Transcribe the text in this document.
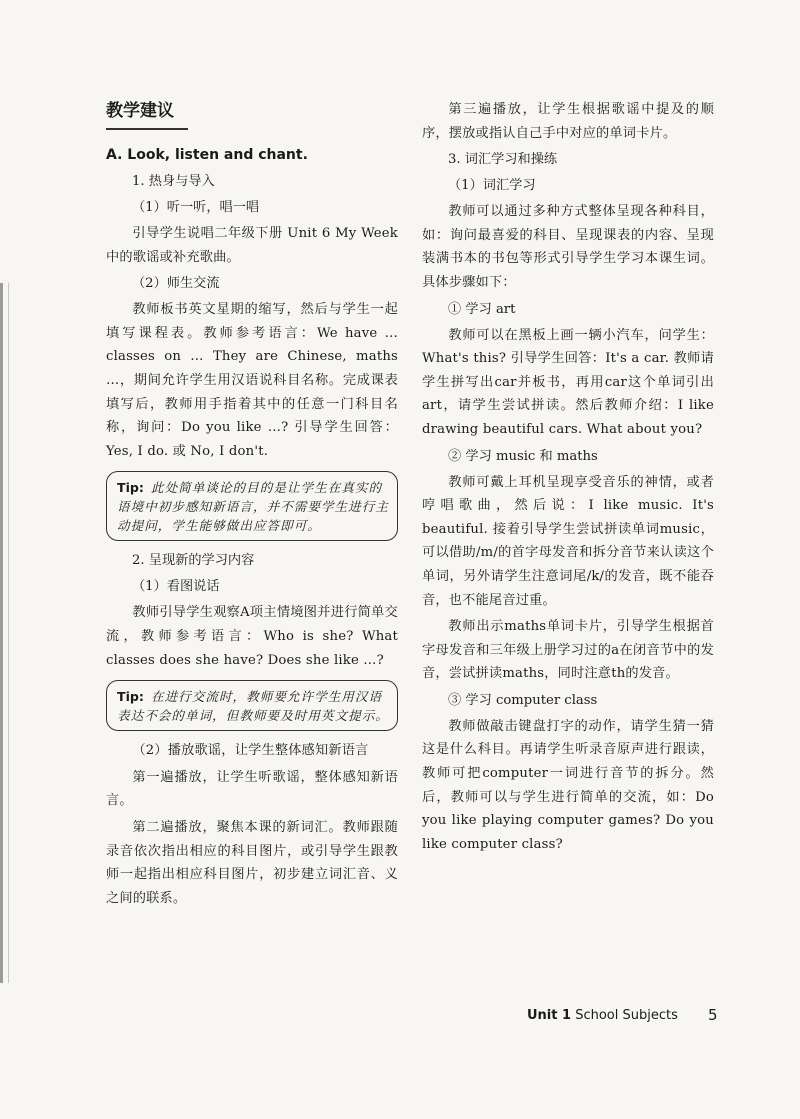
教学建议
A. Look, listen and chant.
1. 热身与导入
（1）听一听，唱一唱

引导学生说唱二年级下册 Unit 6 My Week 中的歌谣或补充歌曲。

（2）师生交流

教师板书英文星期的缩写，然后与学生一起填写课程表。教师参考语言：We have … classes on … They are Chinese, maths …，期间允许学生用汉语说科目名称。完成课表填写后，教师用手指着其中的任意一门科目名称，询问：Do you like …? 引导学生回答：Yes, I do. 或 No, I don't.

Tip: 此处简单谈论的目的是让学生在真实的语境中初步感知新语言，并不需要学生进行主动提问，学生能够做出应答即可。
2. 呈现新的学习内容
（1）看图说话

教师引导学生观察A项主情境图并进行简单交流，教师参考语言：Who is she? What classes does she have? Does she like ...?

Tip: 在进行交流时，教师要允许学生用汉语表达不会的单词，但教师要及时用英文提示。

（2）播放歌谣，让学生整体感知新语言

第一遍播放，让学生听歌谣，整体感知新语言。

第二遍播放，聚焦本课的新词汇。教师跟随录音依次指出相应的科目图片，或引导学生跟教师一起指出相应科目图片，初步建立词汇音、义之间的联系。

第三遍播放，让学生根据歌谣中提及的顺序，摆放或指认自己手中对应的单词卡片。

3. 词汇学习和操练
（1）词汇学习

教师可以通过多种方式整体呈现各种科目，如：询问最喜爱的科目、呈现课表的内容、呈现装满书本的书包等形式引导学生学习本课生词。具体步骤如下：

① 学习 art

教师可以在黑板上画一辆小汽车，问学生：What's this? 引导学生回答：It's a car. 教师请学生拼写出car并板书，再用car这个单词引出art，请学生尝试拼读。然后教师介绍：I like drawing beautiful cars. What about you?

② 学习 music 和 maths

教师可戴上耳机呈现享受音乐的神情，或者哼唱歌曲，然后说：I like music. It's beautiful. 接着引导学生尝试拼读单词music，可以借助/m/的首字母发音和拆分音节来认读这个单词，另外请学生注意词尾/k/的发音，既不能吞音，也不能尾音过重。

教师出示maths单词卡片，引导学生根据首字母发音和三年级上册学习过的a在闭音节中的发音，尝试拼读maths，同时注意th的发音。

③ 学习 computer class

教师做敲击键盘打字的动作，请学生猜一猜这是什么科目。再请学生听录音原声进行跟读，教师可把computer一词进行音节的拆分。然后，教师可以与学生进行简单的交流，如：Do you like playing computer games? Do you like computer class?

Unit 1 School Subjects 5
